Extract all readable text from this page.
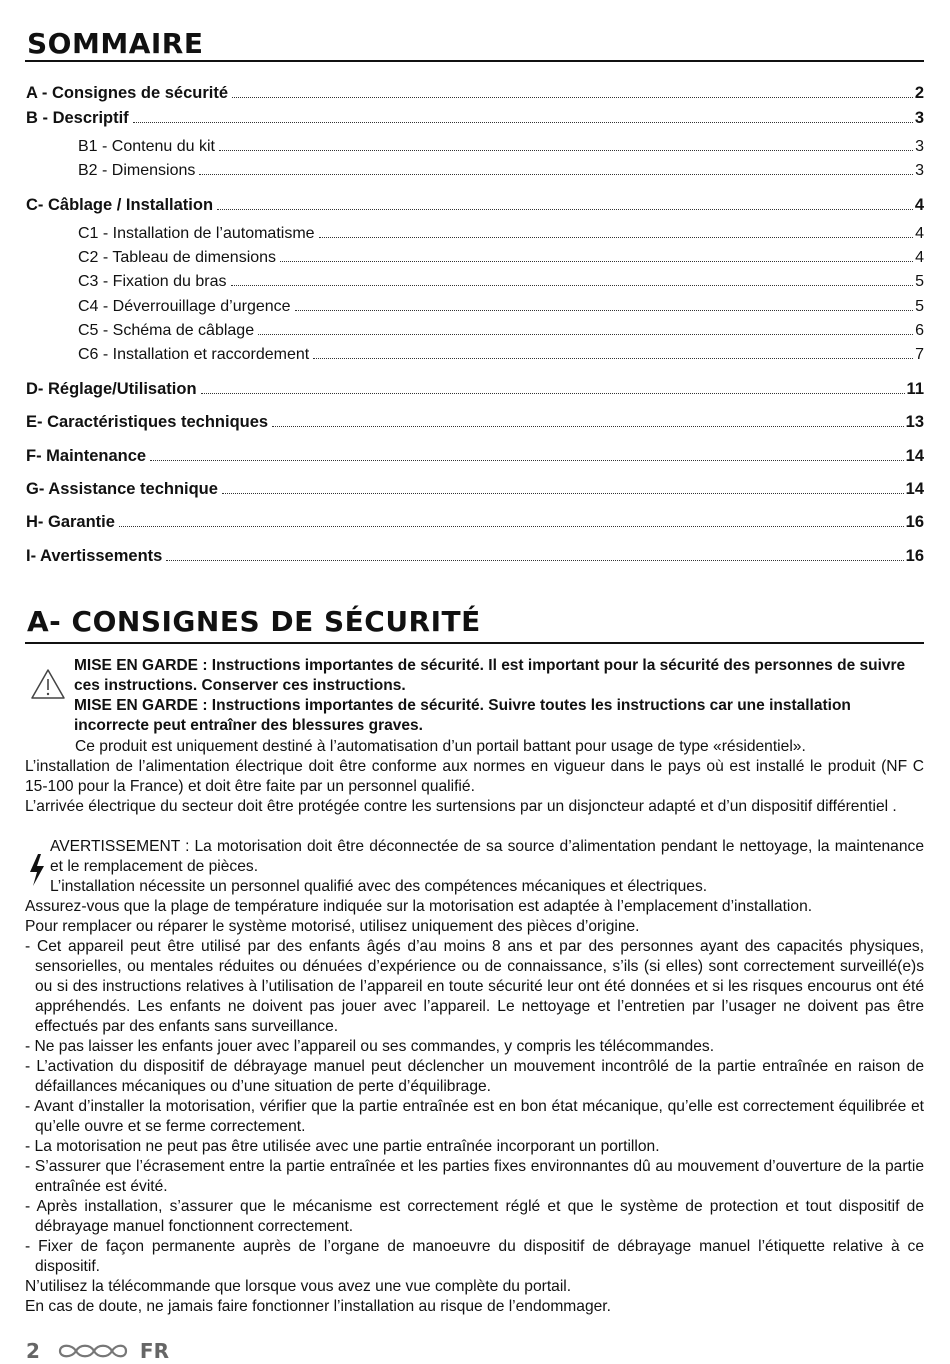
SOMMAIRE
A - Consignes de sécurité	2
B - Descriptif	3
B1 - Contenu du kit	3
B2 - Dimensions	3
C- Câblage / Installation	4
C1 - Installation de l’automatisme	4
C2 - Tableau de dimensions	4
C3 - Fixation du bras	5
C4 - Déverrouillage d’urgence	5
C5 - Schéma de câblage	6
C6 - Installation et raccordement	7
D- Réglage/Utilisation	11
E- Caractéristiques techniques	13
F- Maintenance	14
G- Assistance technique	14
H- Garantie	16
I- Avertissements	16
A- CONSIGNES DE SÉCURITÉ

MISE EN GARDE : Instructions importantes de sécurité. Il est important pour la sécurité des personnes de suivre ces instructions. Conserver ces instructions.

MISE EN GARDE : Instructions importantes de sécurité. Suivre toutes les instructions car une installation incorrecte peut entraîner des blessures graves.

Ce produit est uniquement destiné à l’automatisation d’un portail battant pour usage de type «résidentiel».

L’installation de l’alimentation électrique doit être conforme aux normes en vigueur dans le pays où est installé le produit (NF C 15-100 pour la France) et doit être faite par un personnel qualifié.

L’arrivée électrique du secteur doit être protégée contre les surtensions par un disjoncteur adapté et d’un dispositif différentiel .

AVERTISSEMENT : La motorisation doit être déconnectée de sa source d’alimentation pendant le nettoyage, la maintenance et le remplacement de pièces.

L’installation nécessite un personnel qualifié avec des compétences mécaniques et électriques.

Assurez-vous que la plage de température indiquée sur la motorisation est adaptée à l’emplacement d’installation.

Pour remplacer ou réparer le système motorisé, utilisez uniquement des pièces d’origine.

- Cet appareil peut être utilisé par des enfants âgés d’au moins 8 ans et par des personnes ayant des capacités physiques, sensorielles, ou mentales réduites ou dénuées d’expérience ou de connaissance, s’ils (si elles) sont correctement surveillé(e)s ou si des instructions relatives à l’utilisation de l’appareil en toute sécurité leur ont été données et si les risques encourus ont été appréhendés. Les enfants ne doivent pas jouer avec l’appareil. Le nettoyage et l’entretien par l’usager ne doivent pas être effectués par des enfants sans surveillance.

- Ne pas laisser les enfants jouer avec l’appareil ou ses commandes, y compris les télécommandes.

- L’activation du dispositif de débrayage manuel peut déclencher un mouvement incontrôlé de la partie entraînée en raison de défaillances mécaniques ou d’une situation de perte d’équilibrage.

- Avant d’installer la motorisation, vérifier que la partie entraînée est en bon état mécanique, qu’elle est correctement équilibrée et qu’elle ouvre et se ferme correctement.

- La motorisation ne peut pas être utilisée avec une partie entraînée incorporant un portillon.

- S’assurer que l’écrasement entre la partie entraînée et les parties fixes environnantes dû au mouvement d’ouverture de la partie entraînée est évité.

- Après installation, s’assurer que le mécanisme est correctement réglé et que le système de protection et tout dispositif de débrayage manuel fonctionnent correctement.

- Fixer de façon permanente auprès de l’organe de manoeuvre du dispositif de débrayage manuel l’étiquette relative à ce dispositif.

N’utilisez la télécommande que lorsque vous avez une vue complète du portail.

En cas de doute, ne jamais faire fonctionner l’installation au risque de l’endommager.

2	FR
